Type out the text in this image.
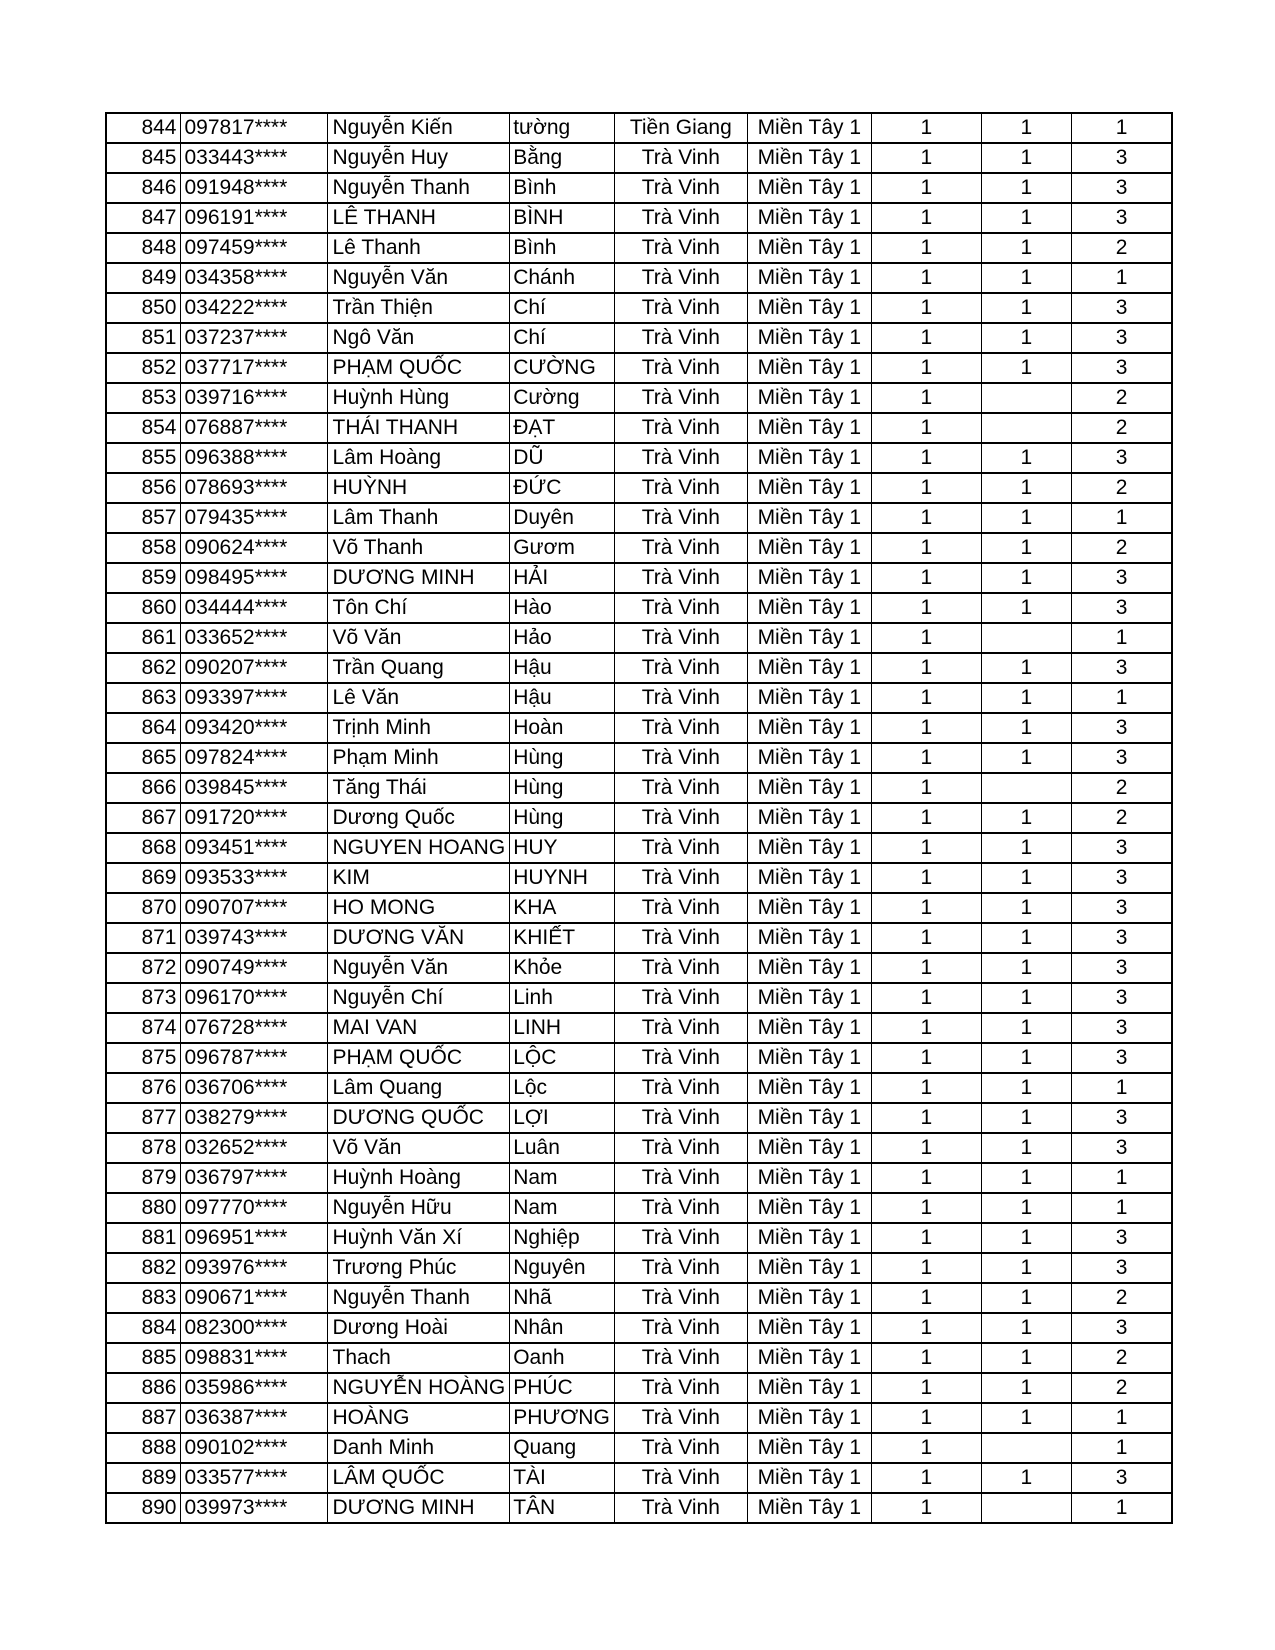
844	097817****	Nguyễn Kiến	tường	Tiền Giang	Miền Tây 1	1	1	1
845	033443****	Nguyễn Huy	Bằng	Trà Vinh	Miền Tây 1	1	1	3
846	091948****	Nguyễn Thanh	Bình	Trà Vinh	Miền Tây 1	1	1	3
847	096191****	LÊ THANH	BÌNH	Trà Vinh	Miền Tây 1	1	1	3
848	097459****	Lê Thanh	Bình	Trà Vinh	Miền Tây 1	1	1	2
849	034358****	Nguyễn Văn	Chánh	Trà Vinh	Miền Tây 1	1	1	1
850	034222****	Trần Thiện	Chí	Trà Vinh	Miền Tây 1	1	1	3
851	037237****	Ngô Văn	Chí	Trà Vinh	Miền Tây 1	1	1	3
852	037717****	PHẠM QUỐC	CƯỜNG	Trà Vinh	Miền Tây 1	1	1	3
853	039716****	Huỳnh Hùng	Cường	Trà Vinh	Miền Tây 1	1		2
854	076887****	THÁI THANH	ĐẠT	Trà Vinh	Miền Tây 1	1		2
855	096388****	Lâm Hoàng	DŨ	Trà Vinh	Miền Tây 1	1	1	3
856	078693****	HUỲNH	ĐỨC	Trà Vinh	Miền Tây 1	1	1	2
857	079435****	Lâm Thanh	Duyên	Trà Vinh	Miền Tây 1	1	1	1
858	090624****	Võ Thanh	Gươm	Trà Vinh	Miền Tây 1	1	1	2
859	098495****	DƯƠNG MINH	HẢI	Trà Vinh	Miền Tây 1	1	1	3
860	034444****	Tôn Chí	Hào	Trà Vinh	Miền Tây 1	1	1	3
861	033652****	Võ Văn	Hảo	Trà Vinh	Miền Tây 1	1		1
862	090207****	Trần Quang	Hậu	Trà Vinh	Miền Tây 1	1	1	3
863	093397****	Lê Văn	Hậu	Trà Vinh	Miền Tây 1	1	1	1
864	093420****	Trịnh Minh	Hoàn	Trà Vinh	Miền Tây 1	1	1	3
865	097824****	Phạm Minh	Hùng	Trà Vinh	Miền Tây 1	1	1	3
866	039845****	Tăng Thái	Hùng	Trà Vinh	Miền Tây 1	1		2
867	091720****	Dương Quốc	Hùng	Trà Vinh	Miền Tây 1	1	1	2
868	093451****	NGUYEN HOANG	HUY	Trà Vinh	Miền Tây 1	1	1	3
869	093533****	KIM	HUYNH	Trà Vinh	Miền Tây 1	1	1	3
870	090707****	HO MONG	KHA	Trà Vinh	Miền Tây 1	1	1	3
871	039743****	DƯƠNG VĂN	KHIẾT	Trà Vinh	Miền Tây 1	1	1	3
872	090749****	Nguyễn Văn	Khỏe	Trà Vinh	Miền Tây 1	1	1	3
873	096170****	Nguyễn Chí	Linh	Trà Vinh	Miền Tây 1	1	1	3
874	076728****	MAI VAN	LINH	Trà Vinh	Miền Tây 1	1	1	3
875	096787****	PHẠM QUỐC	LỘC	Trà Vinh	Miền Tây 1	1	1	3
876	036706****	Lâm Quang	Lộc	Trà Vinh	Miền Tây 1	1	1	1
877	038279****	DƯƠNG QUỐC	LỢI	Trà Vinh	Miền Tây 1	1	1	3
878	032652****	Võ Văn	Luân	Trà Vinh	Miền Tây 1	1	1	3
879	036797****	Huỳnh Hoàng	Nam	Trà Vinh	Miền Tây 1	1	1	1
880	097770****	Nguyễn Hữu	Nam	Trà Vinh	Miền Tây 1	1	1	1
881	096951****	Huỳnh Văn Xí	Nghiệp	Trà Vinh	Miền Tây 1	1	1	3
882	093976****	Trương Phúc	Nguyên	Trà Vinh	Miền Tây 1	1	1	3
883	090671****	Nguyễn Thanh	Nhã	Trà Vinh	Miền Tây 1	1	1	2
884	082300****	Dương Hoài	Nhân	Trà Vinh	Miền Tây 1	1	1	3
885	098831****	Thach	Oanh	Trà Vinh	Miền Tây 1	1	1	2
886	035986****	NGUYỄN HOÀNG	PHÚC	Trà Vinh	Miền Tây 1	1	1	2
887	036387****	HOÀNG	PHƯƠNG	Trà Vinh	Miền Tây 1	1	1	1
888	090102****	Danh Minh	Quang	Trà Vinh	Miền Tây 1	1		1
889	033577****	LÂM QUỐC	TÀI	Trà Vinh	Miền Tây 1	1	1	3
890	039973****	DƯƠNG MINH	TÂN	Trà Vinh	Miền Tây 1	1		1
